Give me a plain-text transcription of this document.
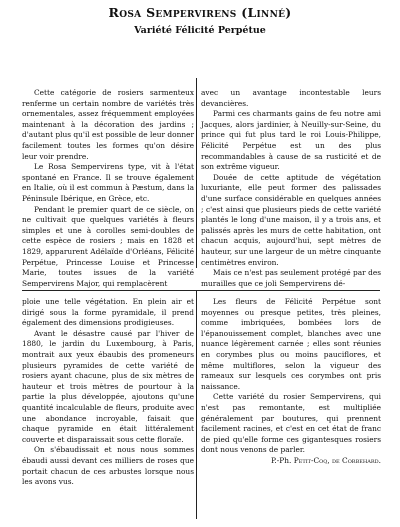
Rosa Sempervirens (Linné)
Variété Félicité Perpétue

Cette catégorie de rosiers sarmenteux renferme un certain nombre de variétés très ornementales, assez fréquemment employées maintenant à la décoration des jardins ; d'autant plus qu'il est possible de leur donner facilement toutes les formes qu'on désire leur voir prendre.

Le Rosa Sempervirens type, vit à l'état spontané en France. Il se trouve également en Italie, où il est commun à Pæstum, dans la Péninsule Ibérique, en Grèce, etc.

Pendant le premier quart de ce siècle, on ne cultivait que quelques variétés à fleurs simples et une à corolles semi-doubles de cette espèce de rosiers ; mais en 1828 et 1829, apparurent Adélaïde d'Orléans, Félicité Perpétue, Princesse Louise et Princesse Marie, toutes issues de la variété Sempervirens Major, qui remplacèrent

avec un avantage incontestable leurs devancières.

Parmi ces charmants gains de feu notre ami Jacques, alors jardinier, à Neuilly-sur-Seine, du prince qui fut plus tard le roi Louis-Philippe, Félicité Perpétue est un des plus recommandables à cause de sa rusticité et de son extrême vigueur.

Douée de cette aptitude de végétation luxuriante, elle peut former des palissades d'une surface considérable en quelques années ; c'est ainsi que plusieurs pieds de cette variété plantés le long d'une maison, il y a trois ans, et palissés après les murs de cette habitation, ont chacun acquis, aujourd'hui, sept mètres de hauteur, sur une largeur de un mètre cinquante centimètres environ.

Mais ce n'est pas seulement protégé par des murailles que ce joli Sempervirens dé-

ploie une telle végétation. En plein air et dirigé sous la forme pyramidale, il prend également des dimensions prodigieuses.

Avant le désastre causé par l'hiver de 1880, le jardin du Luxembourg, à Paris, montrait aux yeux ébaubis des promeneurs plusieurs pyramides de cette variété de rosiers ayant chacune, plus de six mètres de hauteur et trois mètres de pourtour à la partie la plus développée, ajoutons qu'une quantité incalculable de fleurs, produite avec une abondance incroyable, faisait que chaque pyramide en était littéralement couverte et disparaissait sous cette floraïe.

On s'ébaudissait et nous nous sommes ébaudi aussi devant ces milliers de roses que portait chacun de ces arbustes lorsque nous les avons vus.

Les fleurs de Félicité Perpétue sont moyennes ou presque petites, très pleines, comme imbriquées, bombées lors de l'épanouissement complet, blanches avec une nuance légèrement carnée ; elles sont réunies en corymbes plus ou moins pauciflores, et même multiflores, selon la vigueur des rameaux sur lesquels ces corymbes ont pris naissance.

Cette variété du rosier Sempervirens, qui n'est pas remontante, est multipliée généralement par boutures, qui prennent facilement racines, et c'est en cet état de franc de pied qu'elle forme ces gigantesques rosiers dont nous venons de parler.

P.-Ph. Petit-Coq, de Corbehard.
